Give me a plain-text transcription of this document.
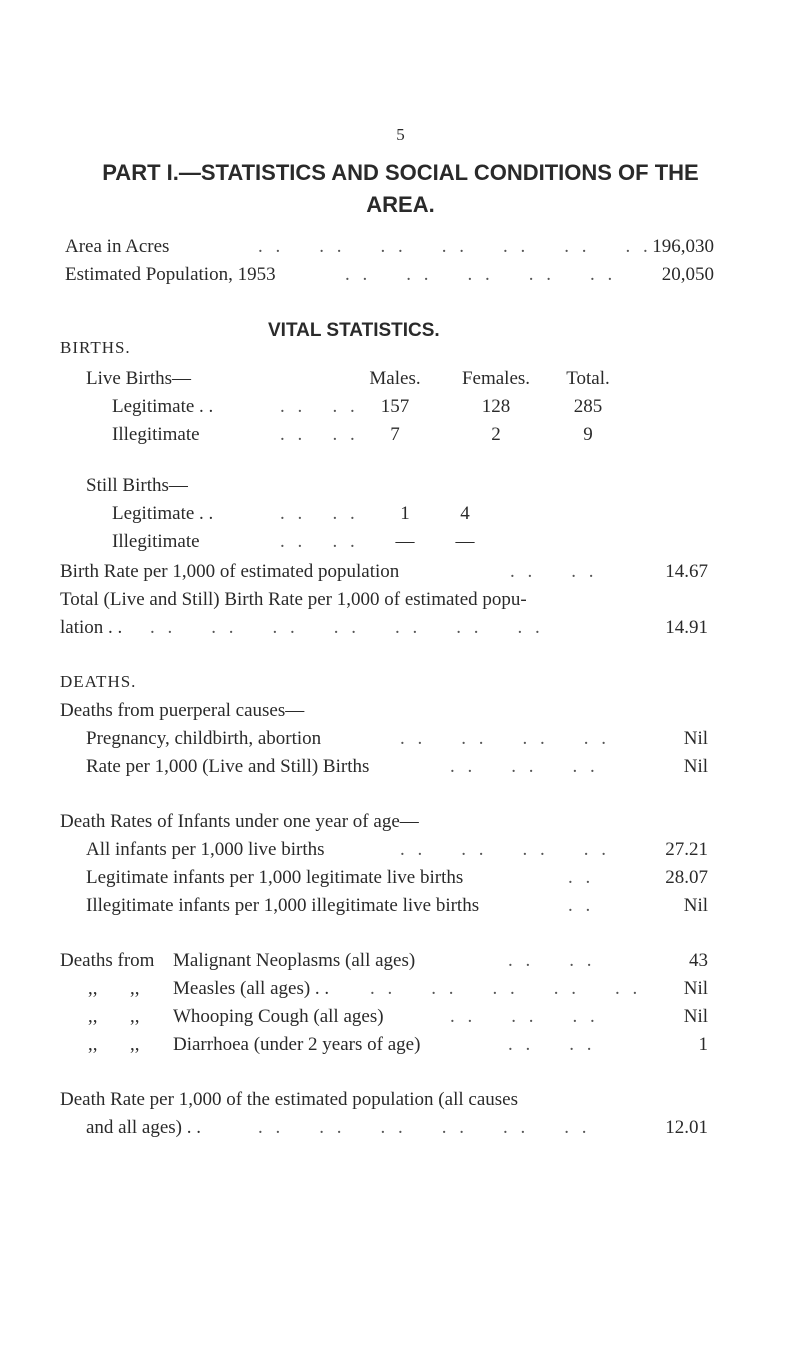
5
PART I.—STATISTICS AND SOCIAL CONDITIONS OF THE
AREA.
Area in Acres	. .    . .    . .    . .    . .    . .    . . 196,030
Estimated Population, 1953	. .    . .    . .    . .    . .	20,050
VITAL STATISTICS.
BIRTHS.
Live Births—	Males.	Females.	Total.
Legitimate . .	. .   . .	157	128	285
Illegitimate	. .   . .	7	2	9
Still Births—
Legitimate . .	. .   . .	1	4
Illegitimate	. .   . .	—	—
Birth Rate per 1,000 of estimated population	. .    . .	14.67
Total (Live and Still) Birth Rate per 1,000 of estimated popu-
lation . . . .    . .    . .    . .    . .    . .    . .	14.91
DEATHS.
Deaths from puerperal causes—
Pregnancy, childbirth, abortion	. .    . .    . .    . .	Nil
Rate per 1,000 (Live and Still) Births	. .    . .    . .	Nil
Death Rates of Infants under one year of age—
All infants per 1,000 live births	. .    . .    . .    . .	27.21
Legitimate infants per 1,000 legitimate live births	. .	28.07
Illegitimate infants per 1,000 illegitimate live births	. .	Nil
Deaths from Malignant Neoplasms (all ages)	. .    . .	43
,, ,, Measles (all ages) . . . .    . .    . .    . .    . .	Nil
,, ,, Whooping Cough (all ages)	. .    . .    . .	Nil
,, ,, Diarrhoea (under 2 years of age)	. .    . .	1
Death Rate per 1,000 of the estimated population (all causes
and all ages) . .	. .    . .    . .    . .    . .    . .	12.01
